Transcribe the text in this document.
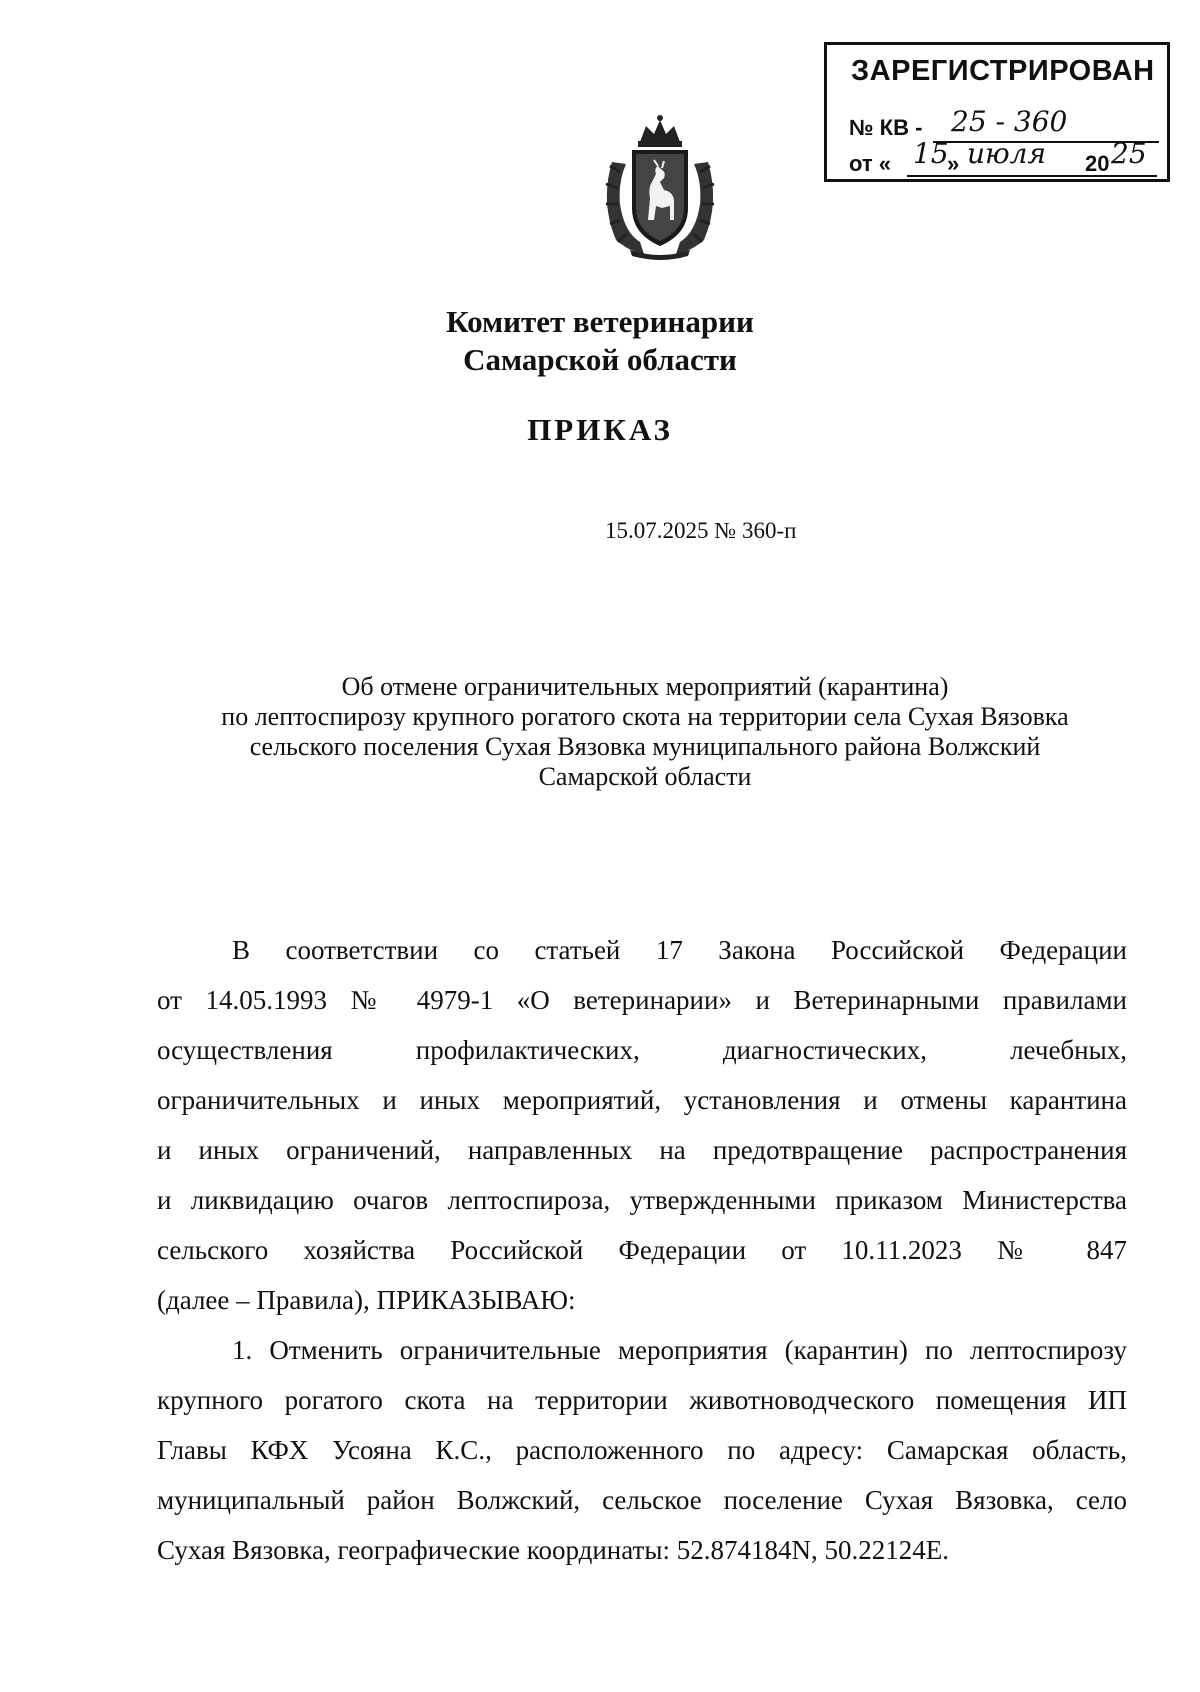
ЗАРЕГИСТРИРОВАН
№ КВ - 25 - 360
от « 15
» июля 20 25
Комитет ветеринарии
Самарской области
ПРИКАЗ
15.07.2025 № 360-п
Об отмене ограничительных мероприятий (карантина)
по лептоспирозу крупного рогатого скота на территории села Сухая Вязовка
сельского поселения Сухая Вязовка муниципального района Волжский
Самарской области
В соответствии со статьей 17 Закона Российской Федерации
от 14.05.1993 № 4979-1 «О ветеринарии» и Ветеринарными правилами
осуществления профилактических, диагностических, лечебных,
ограничительных и иных мероприятий, установления и отмены карантина
и иных ограничений, направленных на предотвращение распространения
и ликвидацию очагов лептоспироза, утвержденными приказом Министерства
сельского хозяйства Российской Федерации от 10.11.2023 № 847
(далее – Правила), ПРИКАЗЫВАЮ:
1. Отменить ограничительные мероприятия (карантин) по лептоспирозу
крупного рогатого скота на территории животноводческого помещения ИП
Главы КФХ Усояна К.С., расположенного по адресу: Самарская область,
муниципальный район Волжский, сельское поселение Сухая Вязовка, село
Сухая Вязовка, географические координаты: 52.874184N, 50.22124E.
